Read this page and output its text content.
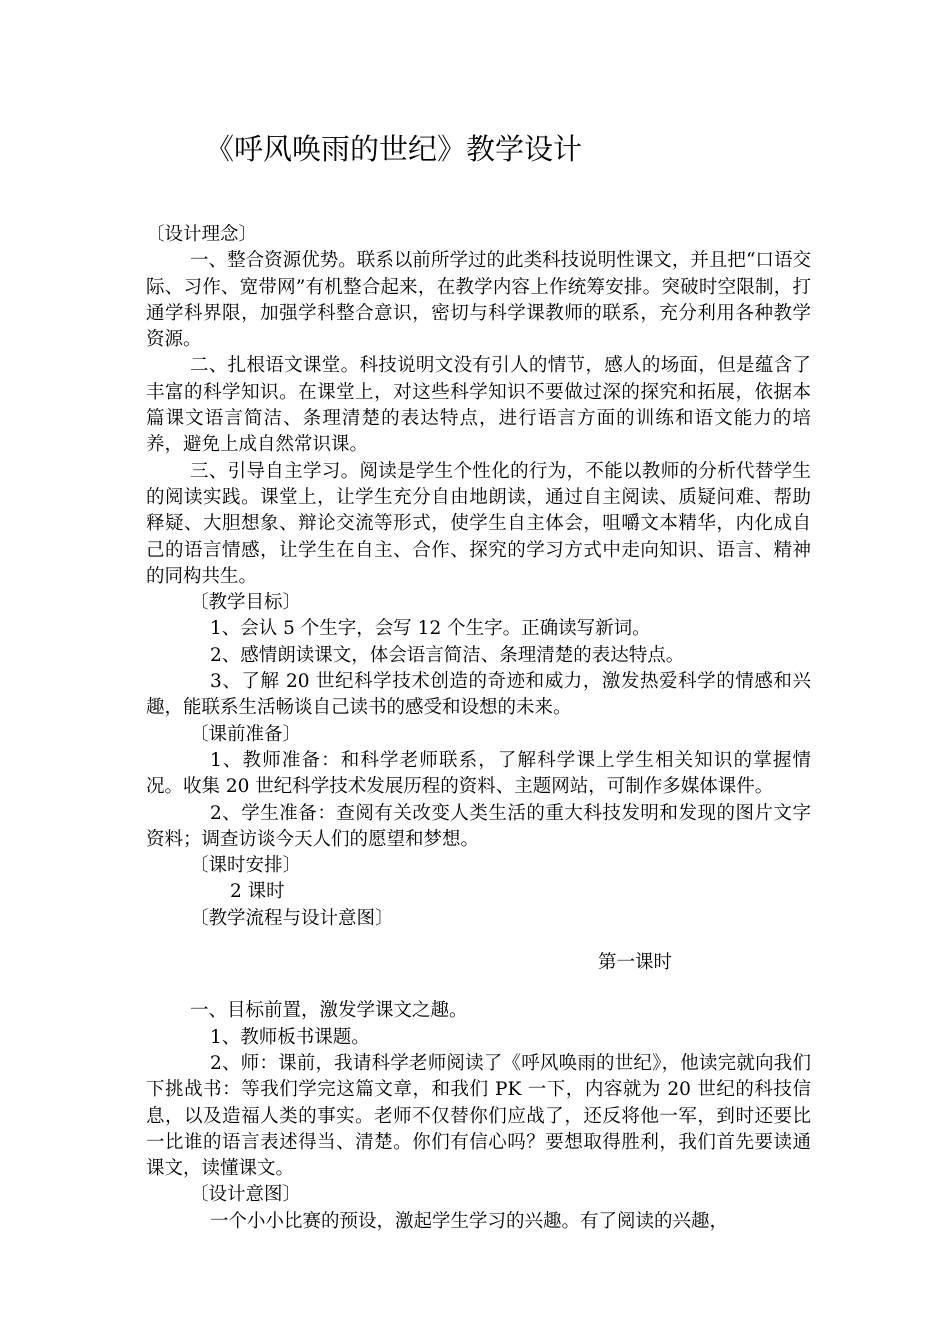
《呼风唤雨的世纪》教学设计

〔设计理念〕

一、整合资源优势。联系以前所学过的此类科技说明性课文，并且把“口语交际、习作、宽带网”有机整合起来，在教学内容上作统筹安排。突破时空限制，打通学科界限，加强学科整合意识，密切与科学课教师的联系，充分利用各种教学资源。

二、扎根语文课堂。科技说明文没有引人的情节，感人的场面，但是蕴含了丰富的科学知识。在课堂上，对这些科学知识不要做过深的探究和拓展，依据本篇课文语言简洁、条理清楚的表达特点，进行语言方面的训练和语文能力的培养，避免上成自然常识课。

三、引导自主学习。阅读是学生个性化的行为，不能以教师的分析代替学生的阅读实践。课堂上，让学生充分自由地朗读，通过自主阅读、质疑问难、帮助释疑、大胆想象、辩论交流等形式，使学生自主体会，咀嚼文本精华，内化成自己的语言情感，让学生在自主、合作、探究的学习方式中走向知识、语言、精神的同构共生。

〔教学目标〕

1、会认 5 个生字，会写 12 个生字。正确读写新词。

2、感情朗读课文，体会语言简洁、条理清楚的表达特点。

3、了解 20 世纪科学技术创造的奇迹和威力，激发热爱科学的情感和兴趣，能联系生活畅谈自己读书的感受和设想的未来。

〔课前准备〕

1、教师准备：和科学老师联系，了解科学课上学生相关知识的掌握情况。收集 20 世纪科学技术发展历程的资料、主题网站，可制作多媒体课件。

2、学生准备：查阅有关改变人类生活的重大科技发明和发现的图片文字资料；调查访谈今天人们的愿望和梦想。

〔课时安排〕

2 课时

〔教学流程与设计意图〕

第一课时

一、目标前置，激发学课文之趣。

1、教师板书课题。

2、师：课前，我请科学老师阅读了《呼风唤雨的世纪》，他读完就向我们下挑战书：等我们学完这篇文章，和我们 PK 一下，内容就为 20 世纪的科技信息，以及造福人类的事实。老师不仅替你们应战了，还反将他一军，到时还要比一比谁的语言表述得当、清楚。你们有信心吗？要想取得胜利，我们首先要读通课文，读懂课文。

〔设计意图〕

一个小小比赛的预设，激起学生学习的兴趣。有了阅读的兴趣，
